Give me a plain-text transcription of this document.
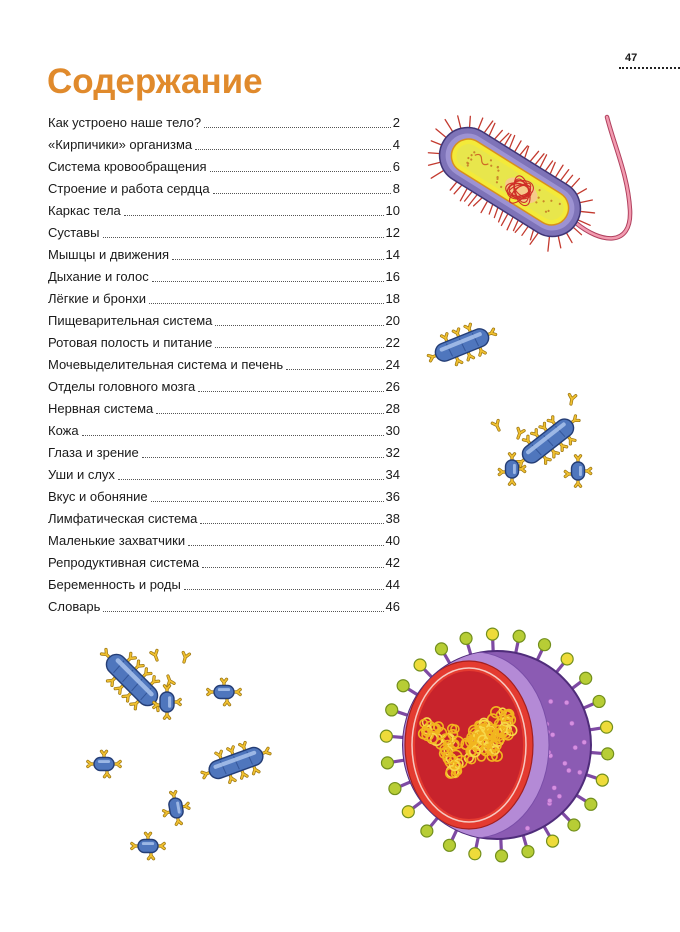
47
Содержание
Как устроено наше тело?	2
«Кирпичики» организма	4
Система кровообращения	6
Строение и работа сердца	8
Каркас тела	10
Суставы	12
Мышцы и движения	14
Дыхание и голос	16
Лёгкие и бронхи	18
Пищеварительная система	20
Ротовая полость и питание	22
Мочевыделительная система и печень	24
Отделы головного мозга	26
Нервная система	28
Кожа	30
Глаза и зрение	32
Уши и слух	34
Вкус и обоняние	36
Лимфатическая система	38
Маленькие захватчики	40
Репродуктивная система	42
Беременность и роды	44
Словарь	46
